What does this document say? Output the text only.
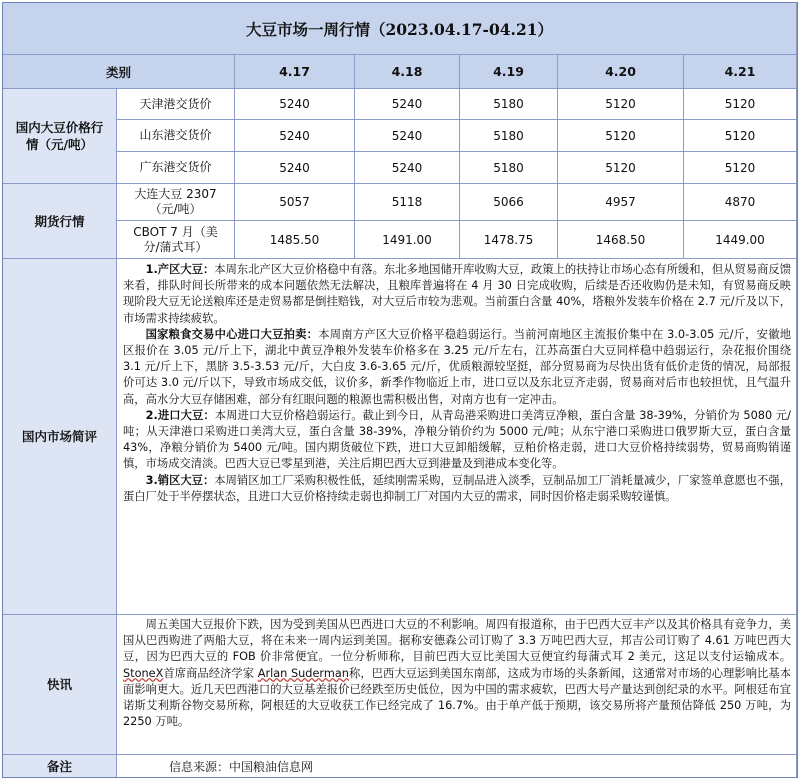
大豆市场一周行情（2023.04.17-04.21）
类别	4.17	4.18	4.19	4.20	4.21
国内大豆价格行情（元/吨）
天津港交货价	5240	5240	5180	5120	5120
山东港交货价	5240	5240	5180	5120	5120
广东港交货价	5240	5240	5180	5120	5120
期货行情
大连大豆 2307（元/吨）	5057	5118	5066	4957	4870
CBOT 7 月（美分/蒲式耳）	1485.50	1491.00	1478.75	1468.50	1449.00
国内市场简评

1.产区大豆：本周东北产区大豆价格稳中有落。东北多地国储开库收购大豆，政策上的扶持让市场心态有所缓和，但从贸易商反馈来看，排队时间长所带来的成本问题依然无法解决，且粮库普遍将在 4 月 30 日完成收购，后续是否还收购仍是未知，有贸易商反映现阶段大豆无论送粮库还是走贸易都是倒挂赔钱，对大豆后市较为悲观。当前蛋白含量 40%，塔粮外发装车价格在 2.7 元/斤及以下，市场需求持续疲软。

国家粮食交易中心进口大豆拍卖：本周南方产区大豆价格平稳趋弱运行。当前河南地区主流报价集中在 3.0-3.05 元/斤，安徽地区报价在 3.05 元/斤上下，湖北中黄豆净粮外发装车价格多在 3.25 元/斤左右，江苏高蛋白大豆同样稳中趋弱运行，杂花报价围绕 3.1 元/斤上下，黑脐 3.5-3.53 元/斤，大白皮 3.6-3.65 元/斤，优质粮源较坚挺，部分贸易商为尽快出货有低价走货的情况，局部报价可达 3.0 元/斤以下，导致市场成交低，议价多，新季作物临近上市，进口豆以及东北豆齐走弱，贸易商对后市也较担忧，且气温升高，高水分大豆存储困难，部分有红眼问题的粮源也需积极出售，对南方也有一定冲击。

2.进口大豆：本周进口大豆价格趋弱运行。截止到今日，从青岛港采购进口美湾豆净粮，蛋白含量 38-39%，分销价为 5080 元/吨；从天津港口采购进口美湾大豆，蛋白含量 38-39%，净粮分销价约为 5000 元/吨；从东宁港口采购进口俄罗斯大豆，蛋白含量 43%，净粮分销价为 5400 元/吨。国内期货破位下跌，进口大豆卸船缓解，豆粕价格走弱，进口大豆价格持续弱势，贸易商购销谨慎，市场成交清淡。巴西大豆已零星到港，关注后期巴西大豆到港量及到港成本变化等。

3.销区大豆：本周销区加工厂采购积极性低，延续刚需采购，豆制品进入淡季，豆制品加工厂消耗量减少，厂家签单意愿也不强，蛋白厂处于半停摆状态，且进口大豆价格持续走弱也抑制工厂对国内大豆的需求，同时因价格走弱采购较谨慎。

快讯

周五美国大豆报价下跌，因为受到美国从巴西进口大豆的不利影响。周四有报道称，由于巴西大豆丰产以及其价格具有竞争力，美国从巴西购进了两船大豆，将在未来一周内运到美国。据称安德森公司订购了 3.3 万吨巴西大豆，邦吉公司订购了 4.61 万吨巴西大豆，因为巴西大豆的 FOB 价非常便宜。一位分析师称，目前巴西大豆比美国大豆便宜约每蒲式耳 2 美元，这足以支付运输成本。StoneX首席商品经济学家 Arlan Suderman称，巴西大豆运到美国东南部，这成为市场的头条新闻，这通常对市场的心理影响比基本面影响更大。近几天巴西港口的大豆基差报价已经跌至历史低位，因为中国的需求疲软，巴西大号产量达到创纪录的水平。阿根廷布宜诺斯艾利斯谷物交易所称，阿根廷的大豆收获工作已经完成了 16.7%。由于单产低于预期，该交易所将产量预估降低 250 万吨，为 2250 万吨。

备注	信息来源：中国粮油信息网
